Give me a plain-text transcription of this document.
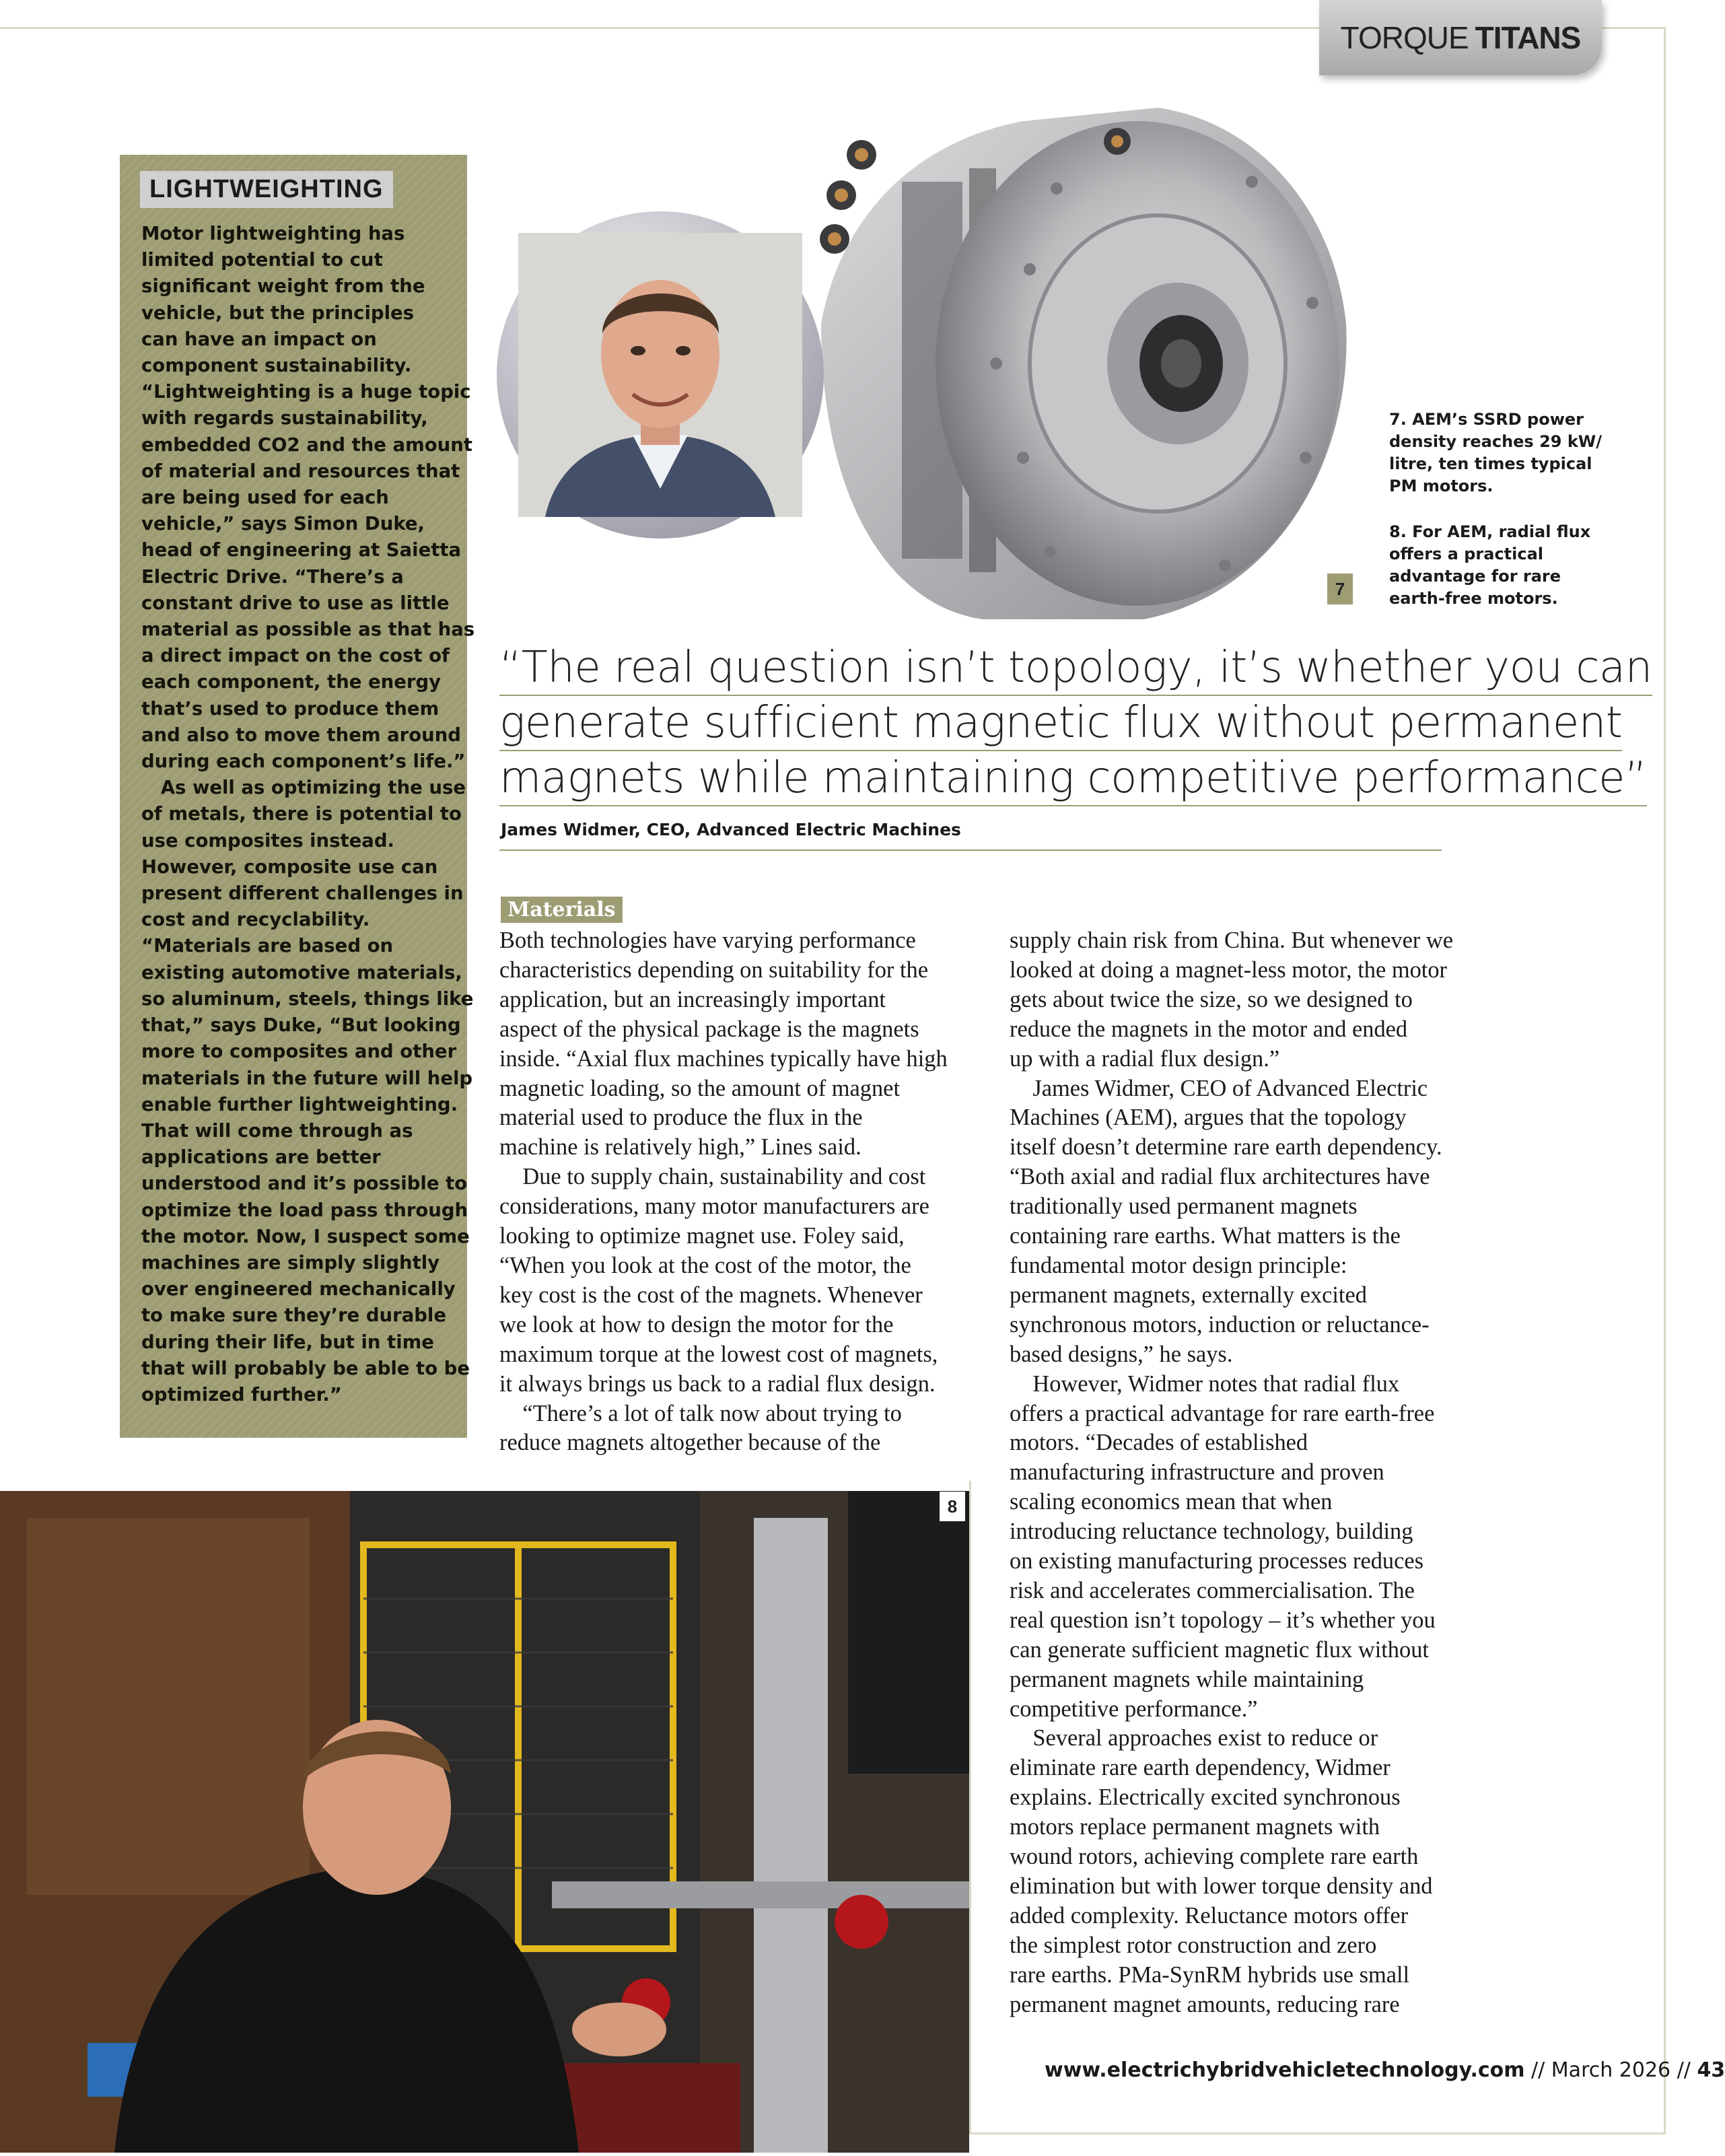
TORQUE TITANS
LIGHTWEIGHTING
Motor lightweighting has
limited potential to cut
significant weight from the
vehicle, but the principles
can have an impact on
component sustainability.
“Lightweighting is a huge topic
with regards sustainability,
embedded CO2 and the amount
of material and resources that
are being used for each
vehicle,” says Simon Duke,
head of engineering at Saietta
Electric Drive. “There’s a
constant drive to use as little
material as possible as that has
a direct impact on the cost of
each component, the energy
that’s used to produce them
and also to move them around
during each component’s life.”
As well as optimizing the use
of metals, there is potential to
use composites instead.
However, composite use can
present different challenges in
cost and recyclability.
“Materials are based on
existing automotive materials,
so aluminum, steels, things like
that,” says Duke, “But looking
more to composites and other
materials in the future will help
enable further lightweighting.
That will come through as
applications are better
understood and it’s possible to
optimize the load pass through
the motor. Now, I suspect some
machines are simply slightly
over engineered mechanically
to make sure they’re durable
during their life, but in time
that will probably be able to be
optimized further.”
7
7. AEM’s SSRD power
density reaches 29 kW/
litre, ten times typical
PM motors.
8. For AEM, radial flux
offers a practical
advantage for rare
earth-free motors.
“The real question isn’t topology, it’s whether you can
generate sufficient magnetic flux without permanent
magnets while maintaining competitive performance”
James Widmer, CEO, Advanced Electric Machines
Materials
Both technologies have varying performance
characteristics depending on suitability for the
application, but an increasingly important
aspect of the physical package is the magnets
inside. “Axial flux machines typically have high
magnetic loading, so the amount of magnet
material used to produce the flux in the
machine is relatively high,” Lines said.
Due to supply chain, sustainability and cost
considerations, many motor manufacturers are
looking to optimize magnet use. Foley said,
“When you look at the cost of the motor, the
key cost is the cost of the magnets. Whenever
we look at how to design the motor for the
maximum torque at the lowest cost of magnets,
it always brings us back to a radial flux design.
“There’s a lot of talk now about trying to
reduce magnets altogether because of the
supply chain risk from China. But whenever we
looked at doing a magnet-less motor, the motor
gets about twice the size, so we designed to
reduce the magnets in the motor and ended
up with a radial flux design.”
James Widmer, CEO of Advanced Electric
Machines (AEM), argues that the topology
itself doesn’t determine rare earth dependency.
“Both axial and radial flux architectures have
traditionally used permanent magnets
containing rare earths. What matters is the
fundamental motor design principle:
permanent magnets, externally excited
synchronous motors, induction or reluctance-
based designs,” he says.
However, Widmer notes that radial flux
offers a practical advantage for rare earth-free
motors. “Decades of established
manufacturing infrastructure and proven
scaling economics mean that when
introducing reluctance technology, building
on existing manufacturing processes reduces
risk and accelerates commercialisation. The
real question isn’t topology – it’s whether you
can generate sufficient magnetic flux without
permanent magnets while maintaining
competitive performance.”
Several approaches exist to reduce or
eliminate rare earth dependency, Widmer
explains. Electrically excited synchronous
motors replace permanent magnets with
wound rotors, achieving complete rare earth
elimination but with lower torque density and
added complexity. Reluctance motors offer
the simplest rotor construction and zero
rare earths. PMa-SynRM hybrids use small
permanent magnet amounts, reducing rare
8
www.electrichybridvehicletechnology.com // March 2026 // 43
